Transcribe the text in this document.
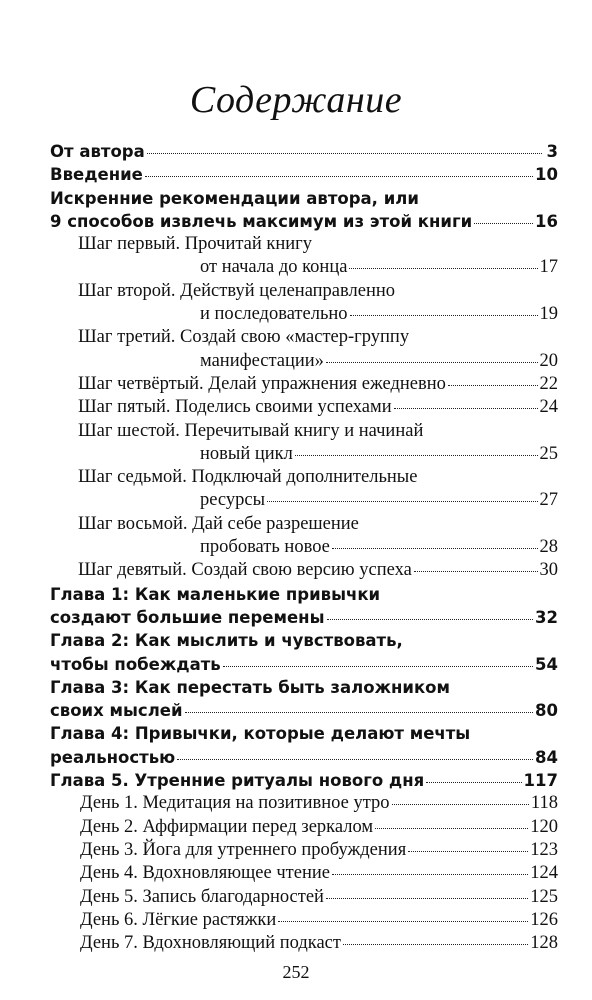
Содержание
От автора	3
Введение	10
Искренние рекомендации автора, или
9 способов извлечь максимум из этой книги	16
Шаг первый. Прочитай книгу
от начала до конца	17
Шаг второй. Действуй целенаправленно
и последовательно	19
Шаг третий. Создай свою «мастер-группу
манифестации»	20
Шаг четвёртый. Делай упражнения ежедневно	22
Шаг пятый. Поделись своими успехами	24
Шаг шестой. Перечитывай книгу и начинай
новый цикл	25
Шаг седьмой. Подключай дополнительные
ресурсы	27
Шаг восьмой. Дай себе разрешение
пробовать новое	28
Шаг девятый. Создай свою версию успеха	30
Глава 1: Как маленькие привычки
создают большие перемены	32
Глава 2: Как мыслить и чувствовать,
чтобы побеждать	54
Глава 3: Как перестать быть заложником
своих мыслей	80
Глава 4: Привычки, которые делают мечты
реальностью	84
Глава 5. Утренние ритуалы нового дня	117
День 1. Медитация на позитивное утро	118
День 2. Аффирмации перед зеркалом	120
День 3. Йога для утреннего пробуждения	123
День 4. Вдохновляющее чтение	124
День 5. Запись благодарностей	125
День 6. Лёгкие растяжки	126
День 7. Вдохновляющий подкаст	128
252
